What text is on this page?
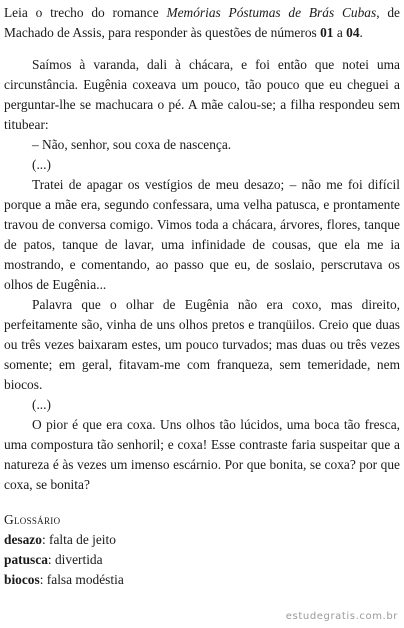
Leia o trecho do romance Memórias Póstumas de Brás Cubas, de Machado de Assis, para responder às questões de números 01 a 04.

Saímos à varanda, dali à chácara, e foi então que notei uma circunstância. Eugênia coxeava um pouco, tão pouco que eu cheguei a perguntar-lhe se machucara o pé. A mãe calou-se; a filha respondeu sem titubear:

– Não, senhor, sou coxa de nascença.

(...)

Tratei de apagar os vestígios de meu desazo; – não me foi difícil porque a mãe era, segundo confessara, uma velha patusca, e prontamente travou de conversa comigo. Vimos toda a chácara, árvores, flores, tanque de patos, tanque de lavar, uma infinidade de cousas, que ela me ia mostrando, e comentando, ao passo que eu, de soslaio, perscrutava os olhos de Eugênia...

Palavra que o olhar de Eugênia não era coxo, mas direito, perfeitamente são, vinha de uns olhos pretos e tranqüilos. Creio que duas ou três vezes baixaram estes, um pouco turvados; mas duas ou três vezes somente; em geral, fitavam-me com franqueza, sem temeridade, nem biocos.

(...)

O pior é que era coxa. Uns olhos tão lúcidos, uma boca tão fresca, uma compostura tão senhoril; e coxa! Esse contraste faria suspeitar que a natureza é às vezes um imenso escárnio. Por que bonita, se coxa? por que coxa, se bonita?

Glossário

desazo: falta de jeito

patusca: divertida

biocos: falsa modéstia

estudegratis.com.br
